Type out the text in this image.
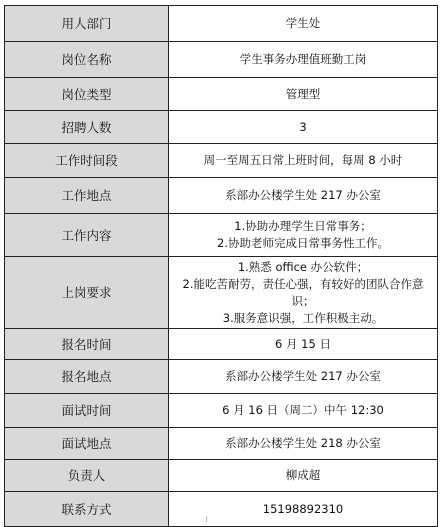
用人部门	学生处

岗位名称	学生事务办理值班勤工岗

岗位类型	管理型

招聘人数	3

工作时间段	周一至周五日常上班时间，每周 8 小时

工作地点	系部办公楼学生处 217 办公室

工作内容	1.协助办理学生日常事务；
2.协助老师完成日常事务性工作。

上岗要求	1.熟悉 office 办公软件；
2.能吃苦耐劳，责任心强，有较好的团队合作意
识；
3.服务意识强，工作积极主动。

报名时间	6 月 15 日

报名地点	系部办公楼学生处 217 办公室

面试时间	6 月 16 日（周二）中午 12:30

面试地点	系部办公楼学生处 218 办公室

负责人	柳成超

联系方式	15198892310
